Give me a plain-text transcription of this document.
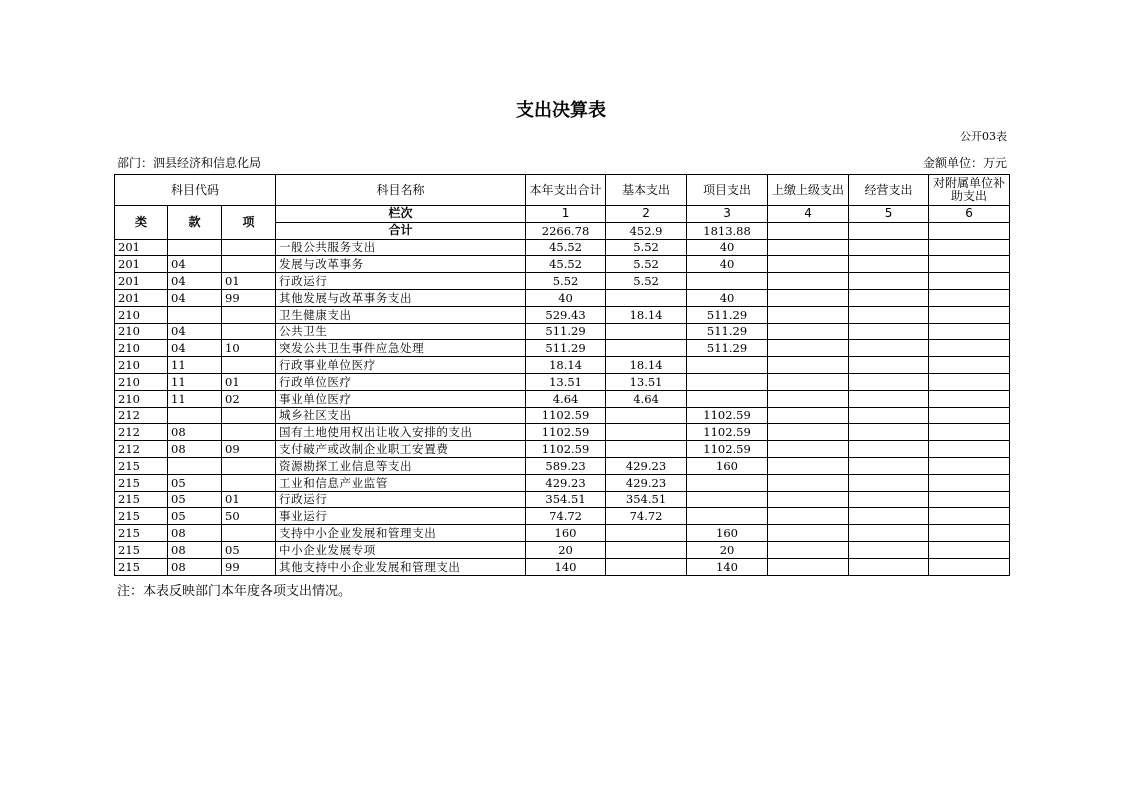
支出决算表
公开03表
部门：泗县经济和信息化局	金额单位：万元
科目代码			科目名称	本年支出合计	基本支出	项目支出	上缴上级支出	经营支出	对附属单位补助支出
类	款	项	栏次	1	2	3	4	5	6
			合计	2266.78	452.9	1813.88			
201			一般公共服务支出	45.52	5.52	40			
201	04		发展与改革事务	45.52	5.52	40			
201	04	01	行政运行	5.52	5.52				
201	04	99	其他发展与改革事务支出	40		40			
210			卫生健康支出	529.43	18.14	511.29			
210	04		公共卫生	511.29		511.29			
210	04	10	突发公共卫生事件应急处理	511.29		511.29			
210	11		行政事业单位医疗	18.14	18.14				
210	11	01	行政单位医疗	13.51	13.51				
210	11	02	事业单位医疗	4.64	4.64				
212			城乡社区支出	1102.59		1102.59			
212	08		国有土地使用权出让收入安排的支出	1102.59		1102.59			
212	08	09	支付破产或改制企业职工安置费	1102.59		1102.59			
215			资源勘探工业信息等支出	589.23	429.23	160			
215	05		工业和信息产业监管	429.23	429.23				
215	05	01	行政运行	354.51	354.51				
215	05	50	事业运行	74.72	74.72				
215	08		支持中小企业发展和管理支出	160		160			
215	08	05	中小企业发展专项	20		20			
215	08	99	其他支持中小企业发展和管理支出	140		140			
注：本表反映部门本年度各项支出情况。
